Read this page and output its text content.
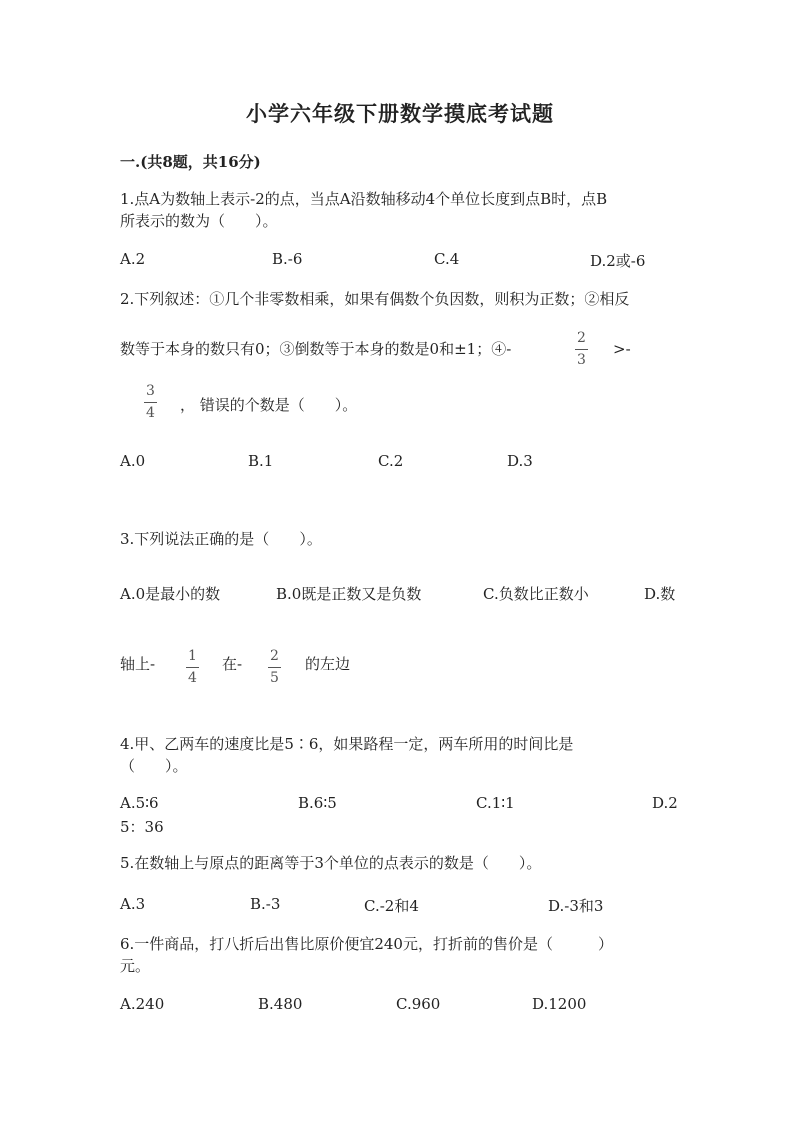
小学六年级下册数学摸底考试题
一.(共8题，共16分)
1.点A为数轴上表示-2的点，当点A沿数轴移动4个单位长度到点B时，点B
所表示的数为（　　）。
A.2	B.-6	C.4	D.2或-6
2.下列叙述：①几个非零数相乘，如果有偶数个负因数，则积为正数；②相反
数等于本身的数只有0；③倒数等于本身的数是0和±1；④-
2
3
>-
3
4 ， 错误的个数是（　　）。
A.0	B.1	C.2	D.3
3.下列说法正确的是（　　）。
A.0是最小的数	B.0既是正数又是负数	C.负数比正数小	D.数
轴上- 1
4
在- 2
5
的左边
4.甲、乙两车的速度比是5∶6，如果路程一定，两车所用的时间比是
（　　）。
A.5∶6	B.6∶5	C.1∶1	D.2
5：36
5.在数轴上与原点的距离等于3个单位的点表示的数是（　　）。
A.3	B.-3	C.-2和4	D.-3和3
6.一件商品，打八折后出售比原价便宜240元，打折前的售价是（　　　）
元。
A.240	B.480	C.960	D.1200
